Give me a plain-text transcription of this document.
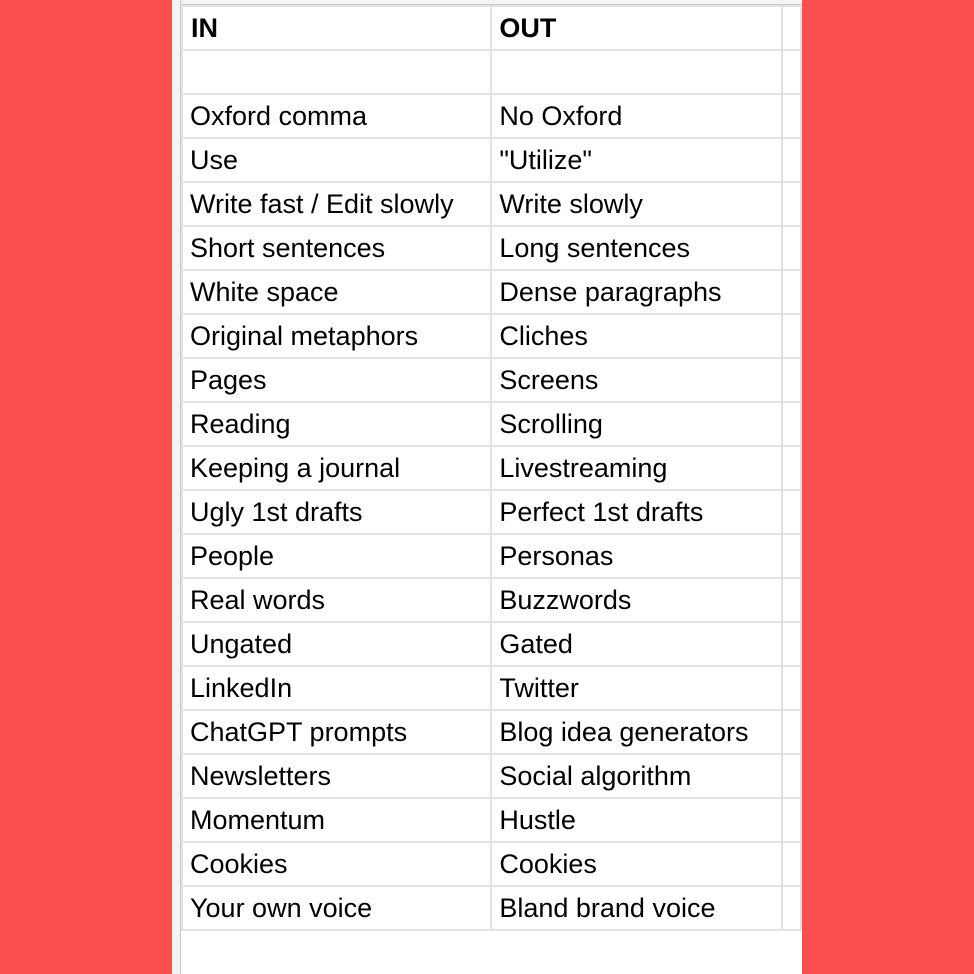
IN	OUT	

Oxford comma	No Oxford	
Use	"Utilize"	
Write fast / Edit slowly	Write slowly	
Short sentences	Long sentences	
White space	Dense paragraphs	
Original metaphors	Cliches	
Pages	Screens	
Reading	Scrolling	
Keeping a journal	Livestreaming	
Ugly 1st drafts	Perfect 1st drafts	
People	Personas	
Real words	Buzzwords	
Ungated	Gated	
LinkedIn	Twitter	
ChatGPT prompts	Blog idea generators	
Newsletters	Social algorithm	
Momentum	Hustle	
Cookies	Cookies	
Your own voice	Bland brand voice	
